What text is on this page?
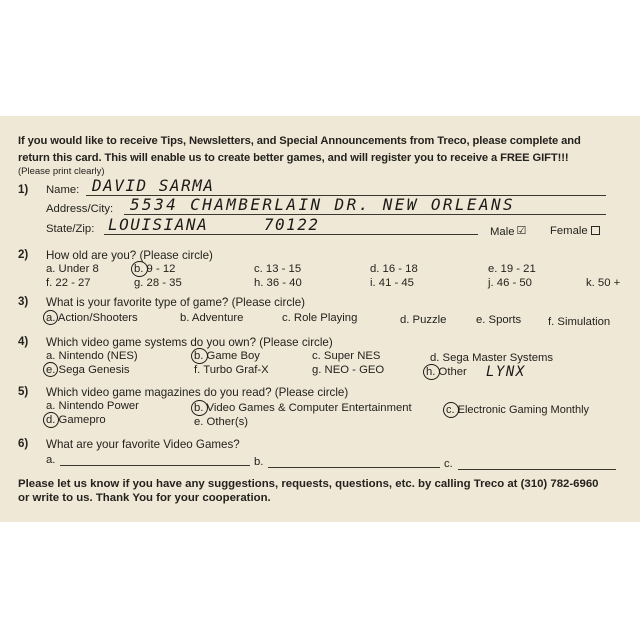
If you would like to receive Tips, Newsletters, and Special Announcements from Treco, please complete and
return this card. This will enable us to create better games, and will register you to receive a FREE GIFT!!!
(Please print clearly)
1) Name: DAVID SARMA
Address/City: 5534 CHAMBERLAIN DR. NEW ORLEANS
State/Zip: LOUISIANA     70122	Male ☑ Female
2) How old are you? (Please circle)
a. Under 8	b. 9 - 12	c. 13 - 15	d. 16 - 18	e. 19 - 21
f. 22 - 27	g. 28 - 35	h. 36 - 40	i. 41 - 45	j. 46 - 50	k. 50 +
3) What is your favorite type of game? (Please circle)
a. Action/Shooters	b. Adventure	c. Role Playing	d. Puzzle	e. Sports f. Simulation
4) Which video game systems do you own? (Please circle)
a. Nintendo (NES)	b. Game Boy	c. Super NES	d. Sega Master Systems
e. Sega Genesis	f. Turbo Graf-X	g. NEO - GEO	h. Other LYNX
5) Which video game magazines do you read? (Please circle)
a. Nintendo Power	b. Video Games & Computer Entertainment	c. Electronic Gaming Monthly
d. Gamepro	e. Other(s)
6) What are your favorite Video Games?
a.	b.	c.
Please let us know if you have any suggestions, requests, questions, etc. by calling Treco at (310) 782-6960
or write to us. Thank You for your cooperation.
